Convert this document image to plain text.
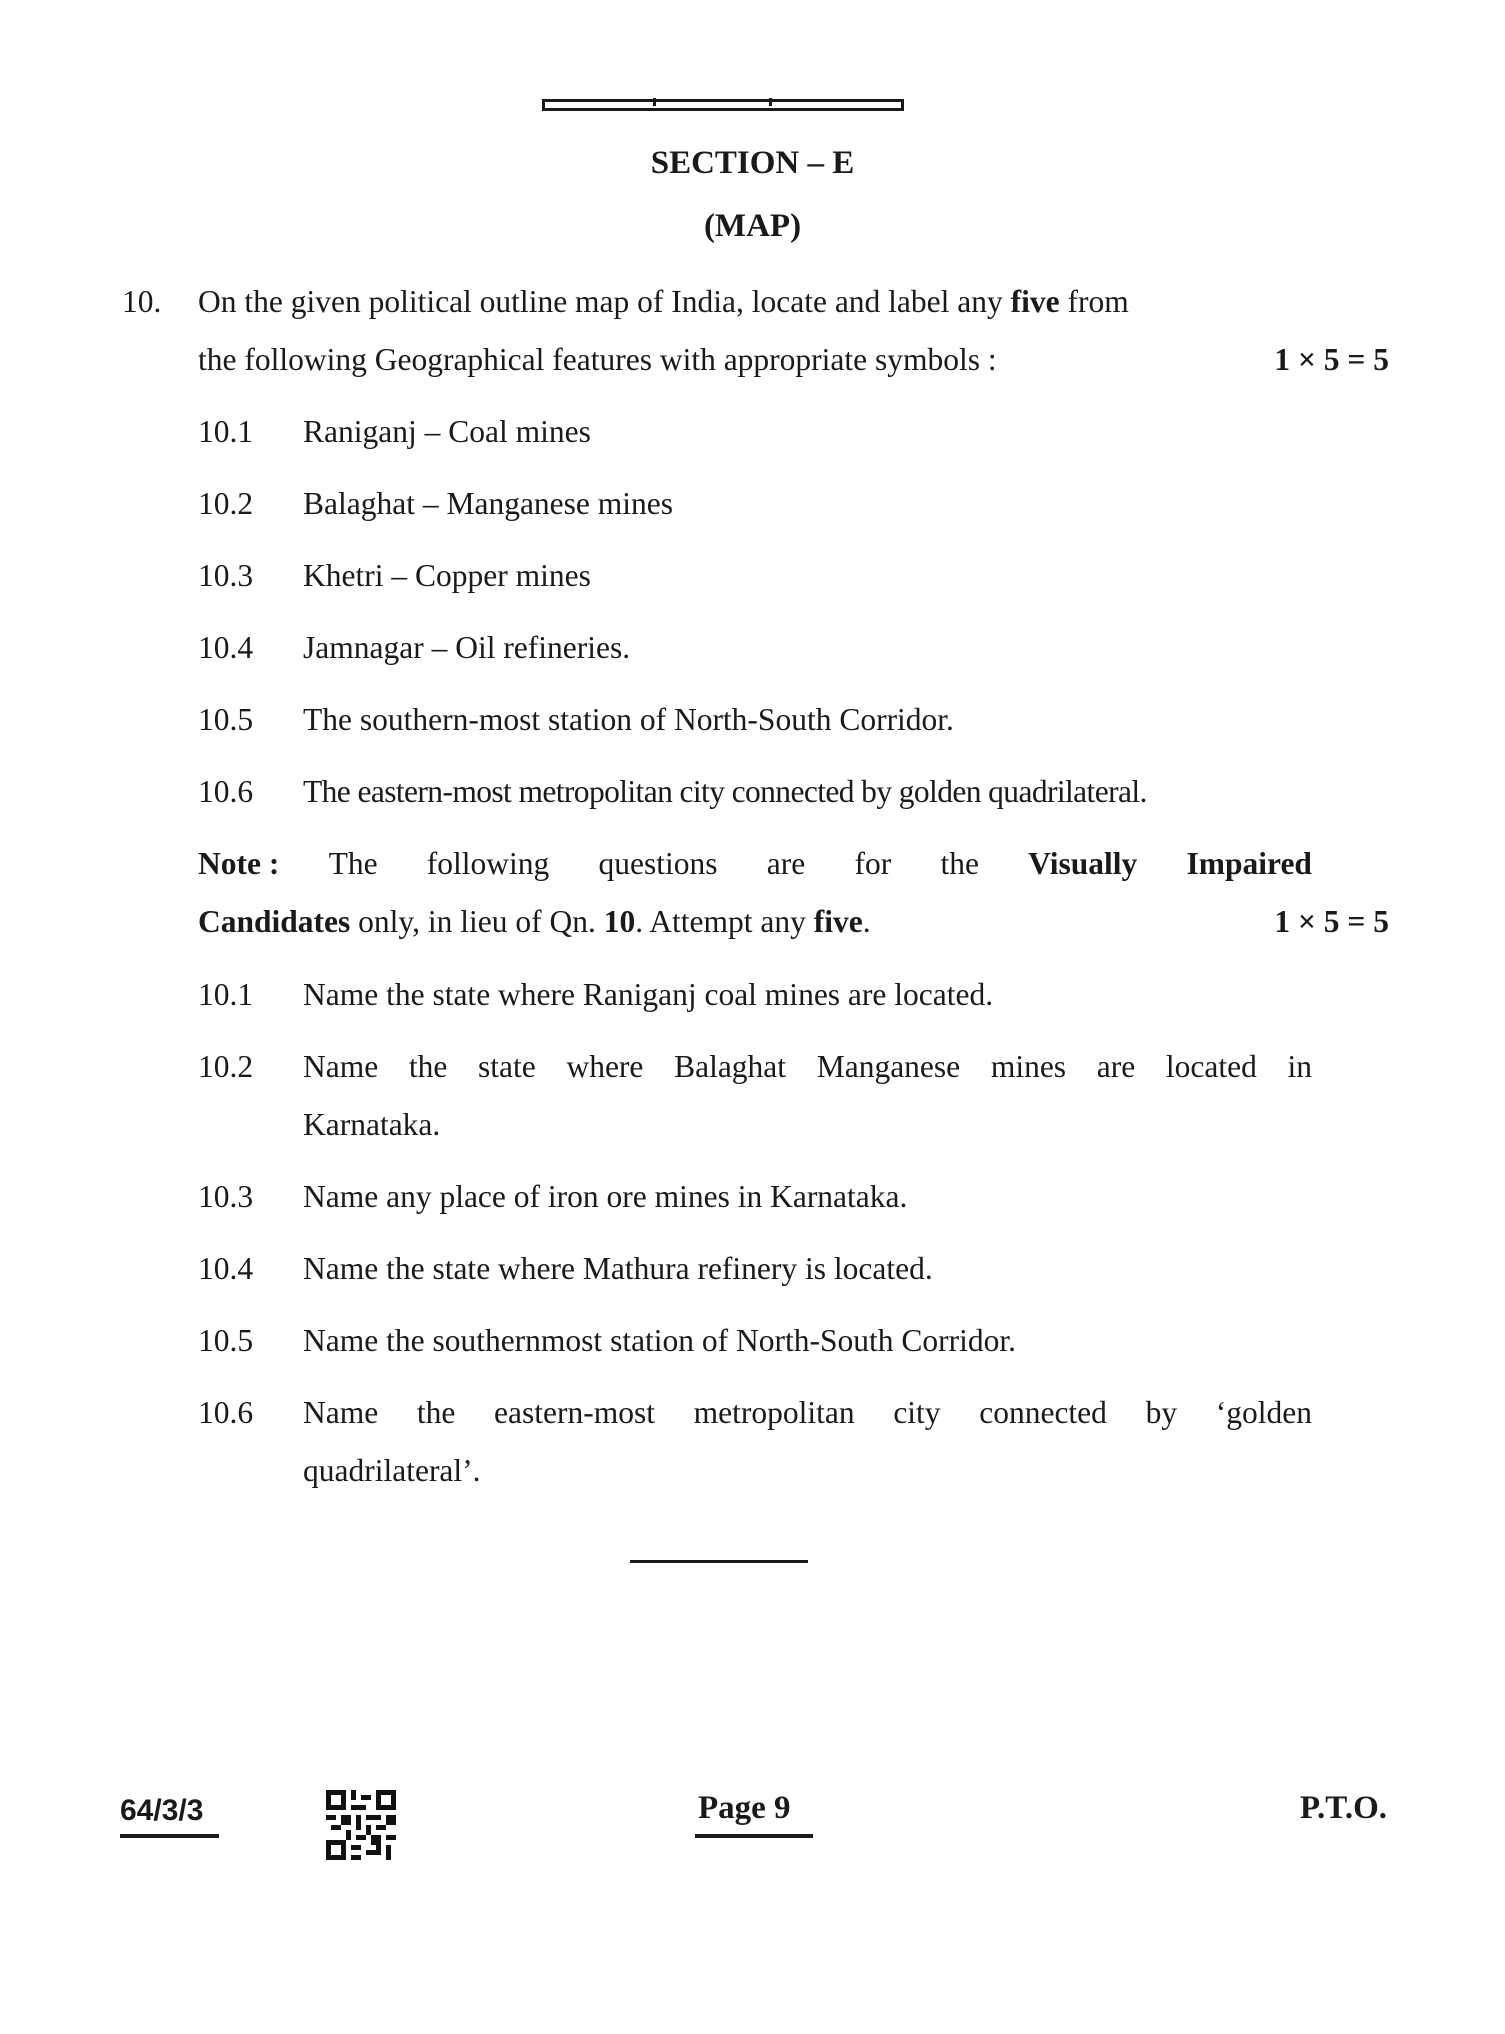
SECTION – E
(MAP)
10. On the given political outline map of India, locate and label any five from
the following Geographical features with appropriate symbols :	1 × 5 = 5
10.1 Raniganj – Coal mines
10.2 Balaghat – Manganese mines
10.3 Khetri – Copper mines
10.4 Jamnagar – Oil refineries.
10.5 The southern-most station of North-South Corridor.
10.6 The eastern-most metropolitan city connected by golden quadrilateral.
Note : The following questions are for the Visually Impaired
Candidates only, in lieu of Qn. 10. Attempt any five.	1 × 5 = 5
10.1 Name the state where Raniganj coal mines are located.
10.2 Name the state where Balaghat Manganese mines are located in
Karnataka.
10.3 Name any place of iron ore mines in Karnataka.
10.4 Name the state where Mathura refinery is located.
10.5 Name the southernmost station of North-South Corridor.
10.6 Name the eastern-most metropolitan city connected by ‘golden
quadrilateral’.
64/3/3	Page 9	P.T.O.
